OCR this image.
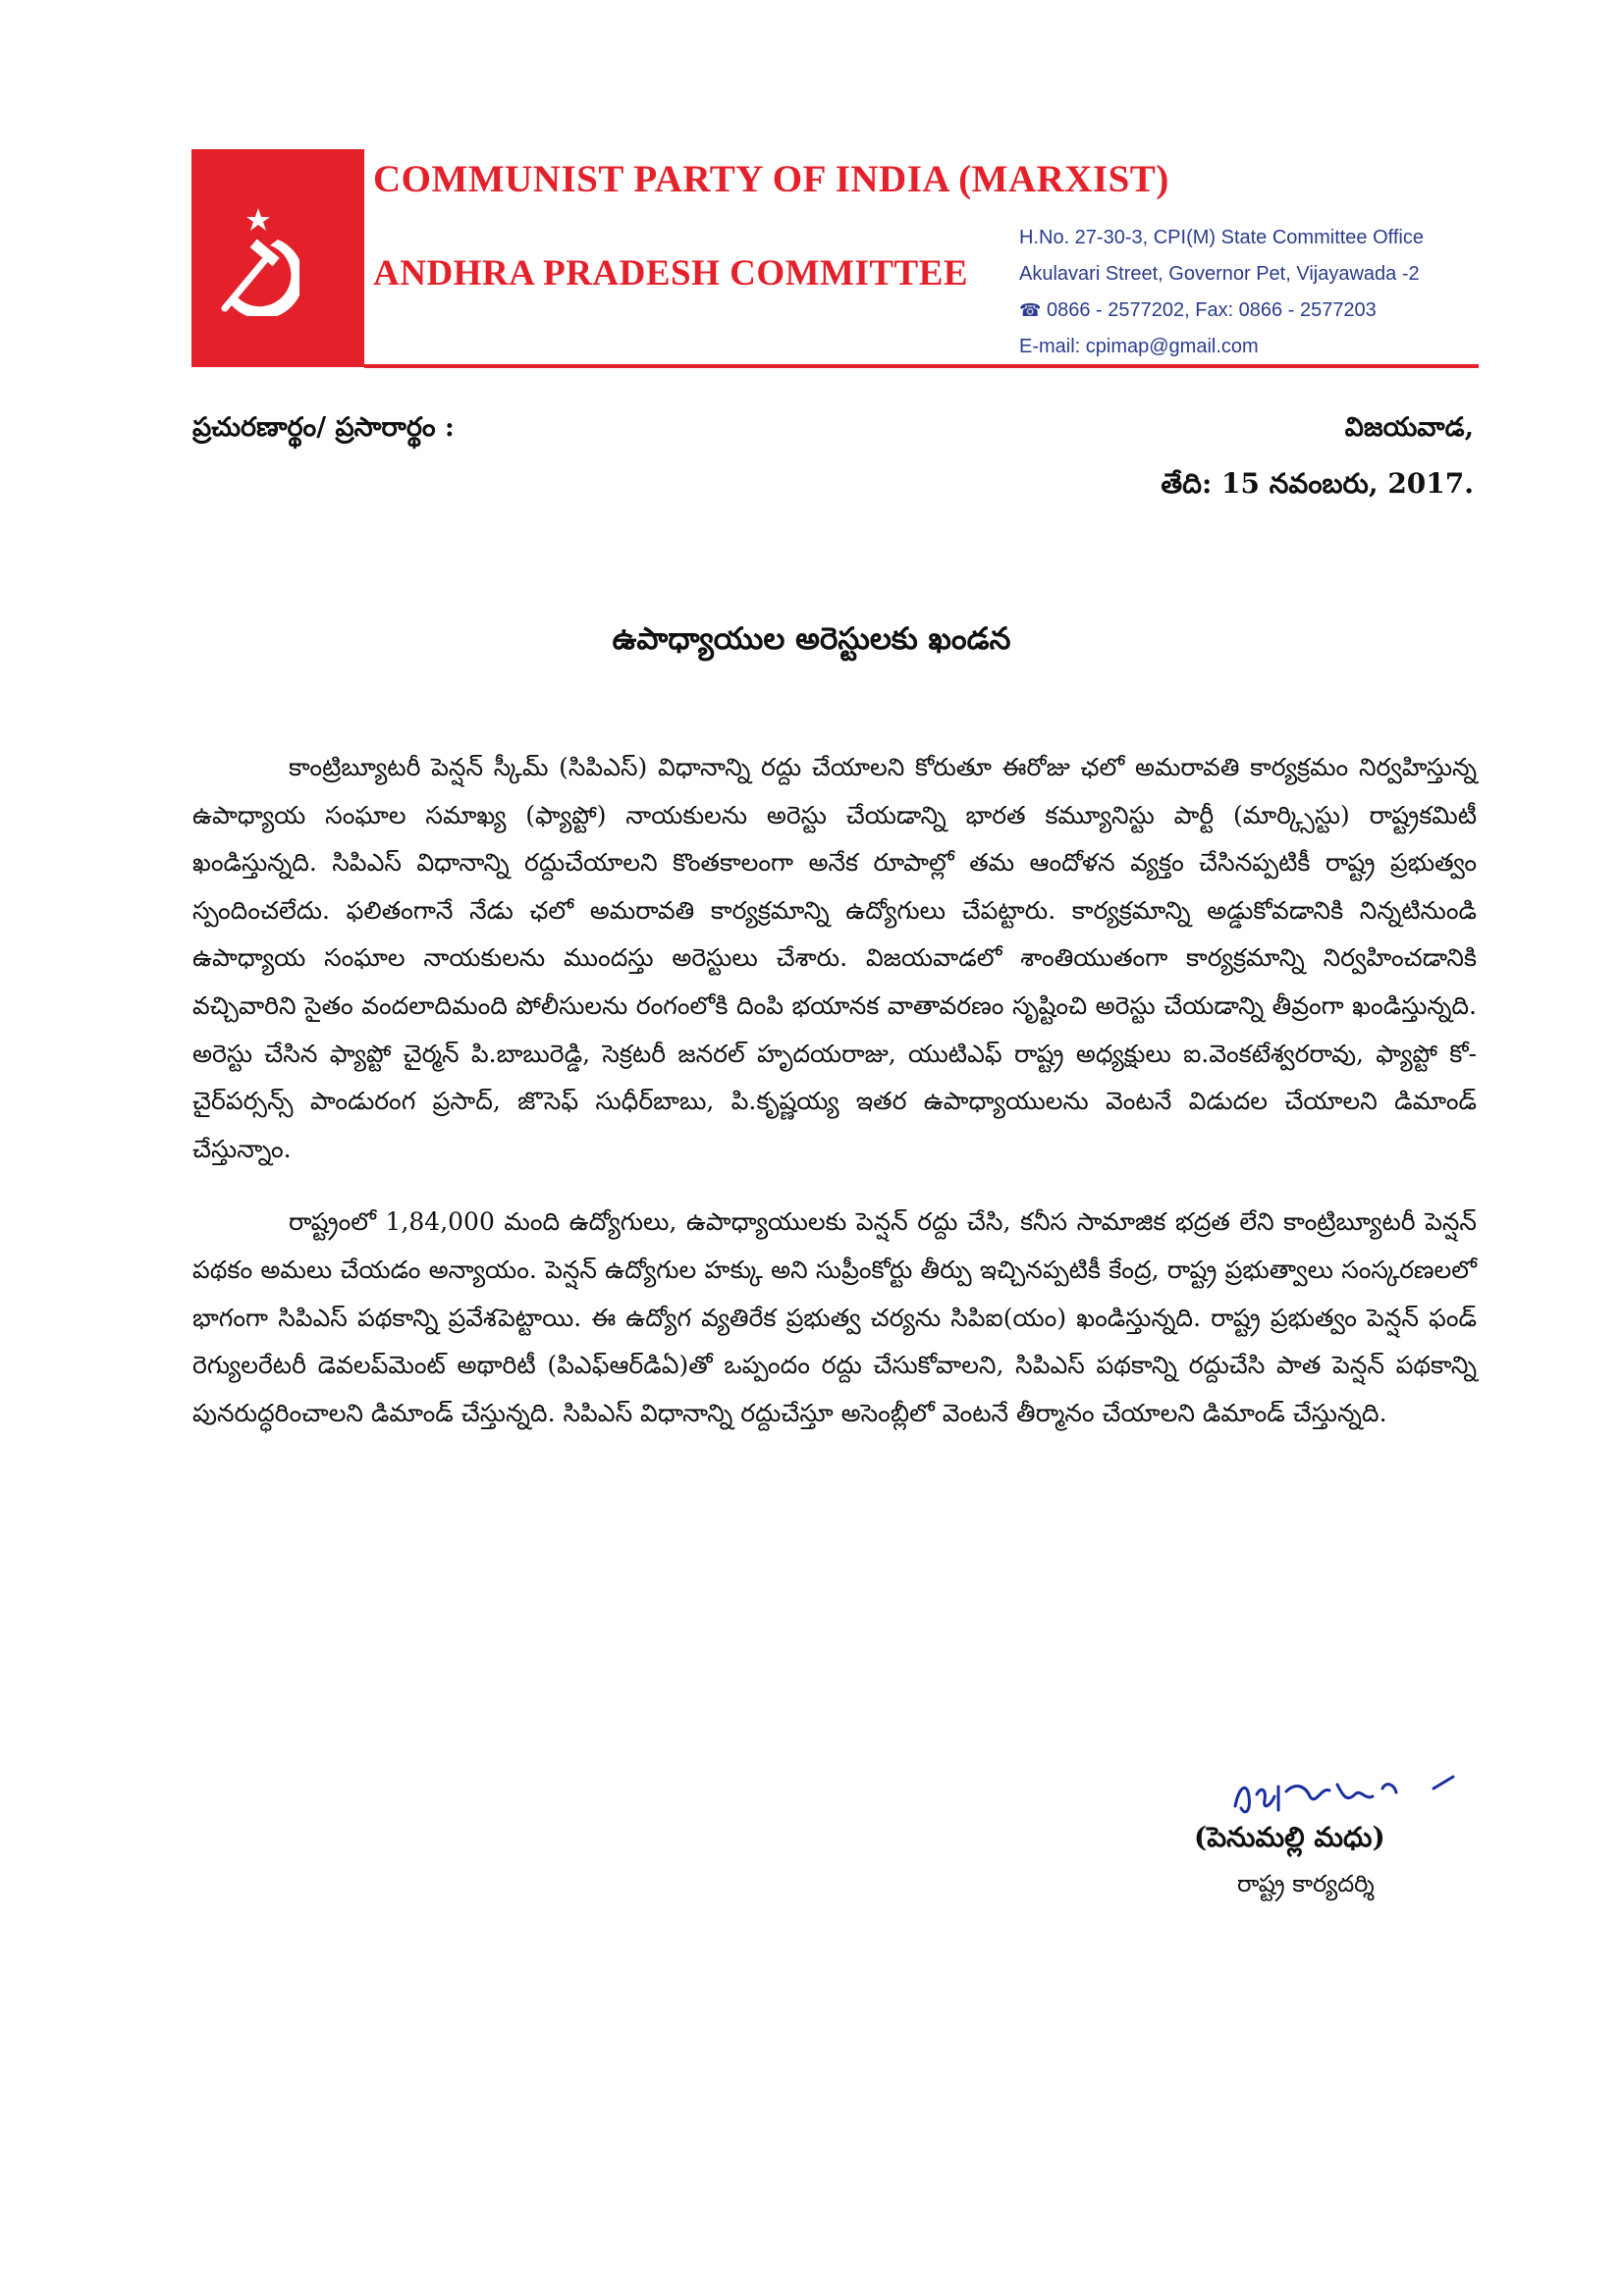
COMMUNIST PARTY OF INDIA (MARXIST)
ANDHRA PRADESH COMMITTEE
H.No. 27-30-3, CPI(M) State Committee Office
Akulavari Street, Governor Pet, Vijayawada -2
☎ 0866 - 2577202, Fax: 0866 - 2577203
E-mail: cpimap@gmail.com
ప్రచురణార్థం/ ప్రసారార్థం :	విజయవాడ,
తేది: 15 నవంబరు, 2017.
ఉపాధ్యాయుల అరెస్టులకు ఖండన

కాంట్రిబ్యూటరీ పెన్షన్ స్కీమ్ (సిపిఎస్) విధానాన్ని రద్దు చేయాలని కోరుతూ ఈరోజు ఛలో అమరావతి కార్యక్రమం నిర్వహిస్తున్న ఉపాధ్యాయ సంఘాల సమాఖ్య (ఫ్యాప్టో) నాయకులను అరెస్టు చేయడాన్ని భారత కమ్యూనిస్టు పార్టీ (మార్క్సిస్టు) రాష్ట్రకమిటీ ఖండిస్తున్నది. సిపిఎస్ విధానాన్ని రద్దుచేయాలని కొంతకాలంగా అనేక రూపాల్లో తమ ఆందోళన వ్యక్తం చేసినప్పటికీ రాష్ట్ర ప్రభుత్వం స్పందించలేదు. ఫలితంగానే నేడు ఛలో అమరావతి కార్యక్రమాన్ని ఉద్యోగులు చేపట్టారు. కార్యక్రమాన్ని అడ్డుకోవడానికి నిన్నటినుండి ఉపాధ్యాయ సంఘాల నాయకులను ముందస్తు అరెస్టులు చేశారు. విజయవాడలో శాంతియుతంగా కార్యక్రమాన్ని నిర్వహించడానికి వచ్చివారిని సైతం వందలాదిమంది పోలీసులను రంగంలోకి దింపి భయానక వాతావరణం సృష్టించి అరెస్టు చేయడాన్ని తీవ్రంగా ఖండిస్తున్నది. అరెస్టు చేసిన ఫ్యాప్టో చైర్మన్ పి.బాబురెడ్డి, సెక్రటరీ జనరల్ హృదయరాజు, యుటిఎఫ్ రాష్ట్ర అధ్యక్షులు ఐ.వెంకటేశ్వరరావు, ఫ్యాప్టో కో-చైర్‌పర్సన్స్ పాండురంగ ప్రసాద్, జొసెఫ్ సుధీర్‌బాబు, పి.కృష్ణయ్య ఇతర ఉపాధ్యాయులను వెంటనే విడుదల చేయాలని డిమాండ్ చేస్తున్నాం.

రాష్ట్రంలో 1,84,000 మంది ఉద్యోగులు, ఉపాధ్యాయులకు పెన్షన్ రద్దు చేసి, కనీస సామాజిక భద్రత లేని కాంట్రిబ్యూటరీ పెన్షన్ పథకం అమలు చేయడం అన్యాయం. పెన్షన్ ఉద్యోగుల హక్కు అని సుప్రీంకోర్టు తీర్పు ఇచ్చినప్పటికీ కేంద్ర, రాష్ట్ర ప్రభుత్వాలు సంస్కరణలలో భాగంగా సిపిఎస్ పథకాన్ని ప్రవేశపెట్టాయి. ఈ ఉద్యోగ వ్యతిరేక ప్రభుత్వ చర్యను సిపిఐ(యం) ఖండిస్తున్నది. రాష్ట్ర ప్రభుత్వం పెన్షన్ ఫండ్ రెగ్యులరేటరీ డెవలప్‌మెంట్ అథారిటీ (పిఎఫ్ఆర్‌డిఏ)తో ఒప్పందం రద్దు చేసుకోవాలని, సిపిఎస్ పథకాన్ని రద్దుచేసి పాత పెన్షన్ పథకాన్ని పునరుద్ధరించాలని డిమాండ్ చేస్తున్నది. సిపిఎస్ విధానాన్ని రద్దుచేస్తూ అసెంబ్లీలో వెంటనే తీర్మానం చేయాలని డిమాండ్ చేస్తున్నది.

(పెనుమల్లి మధు)
రాష్ట్ర కార్యదర్శి
